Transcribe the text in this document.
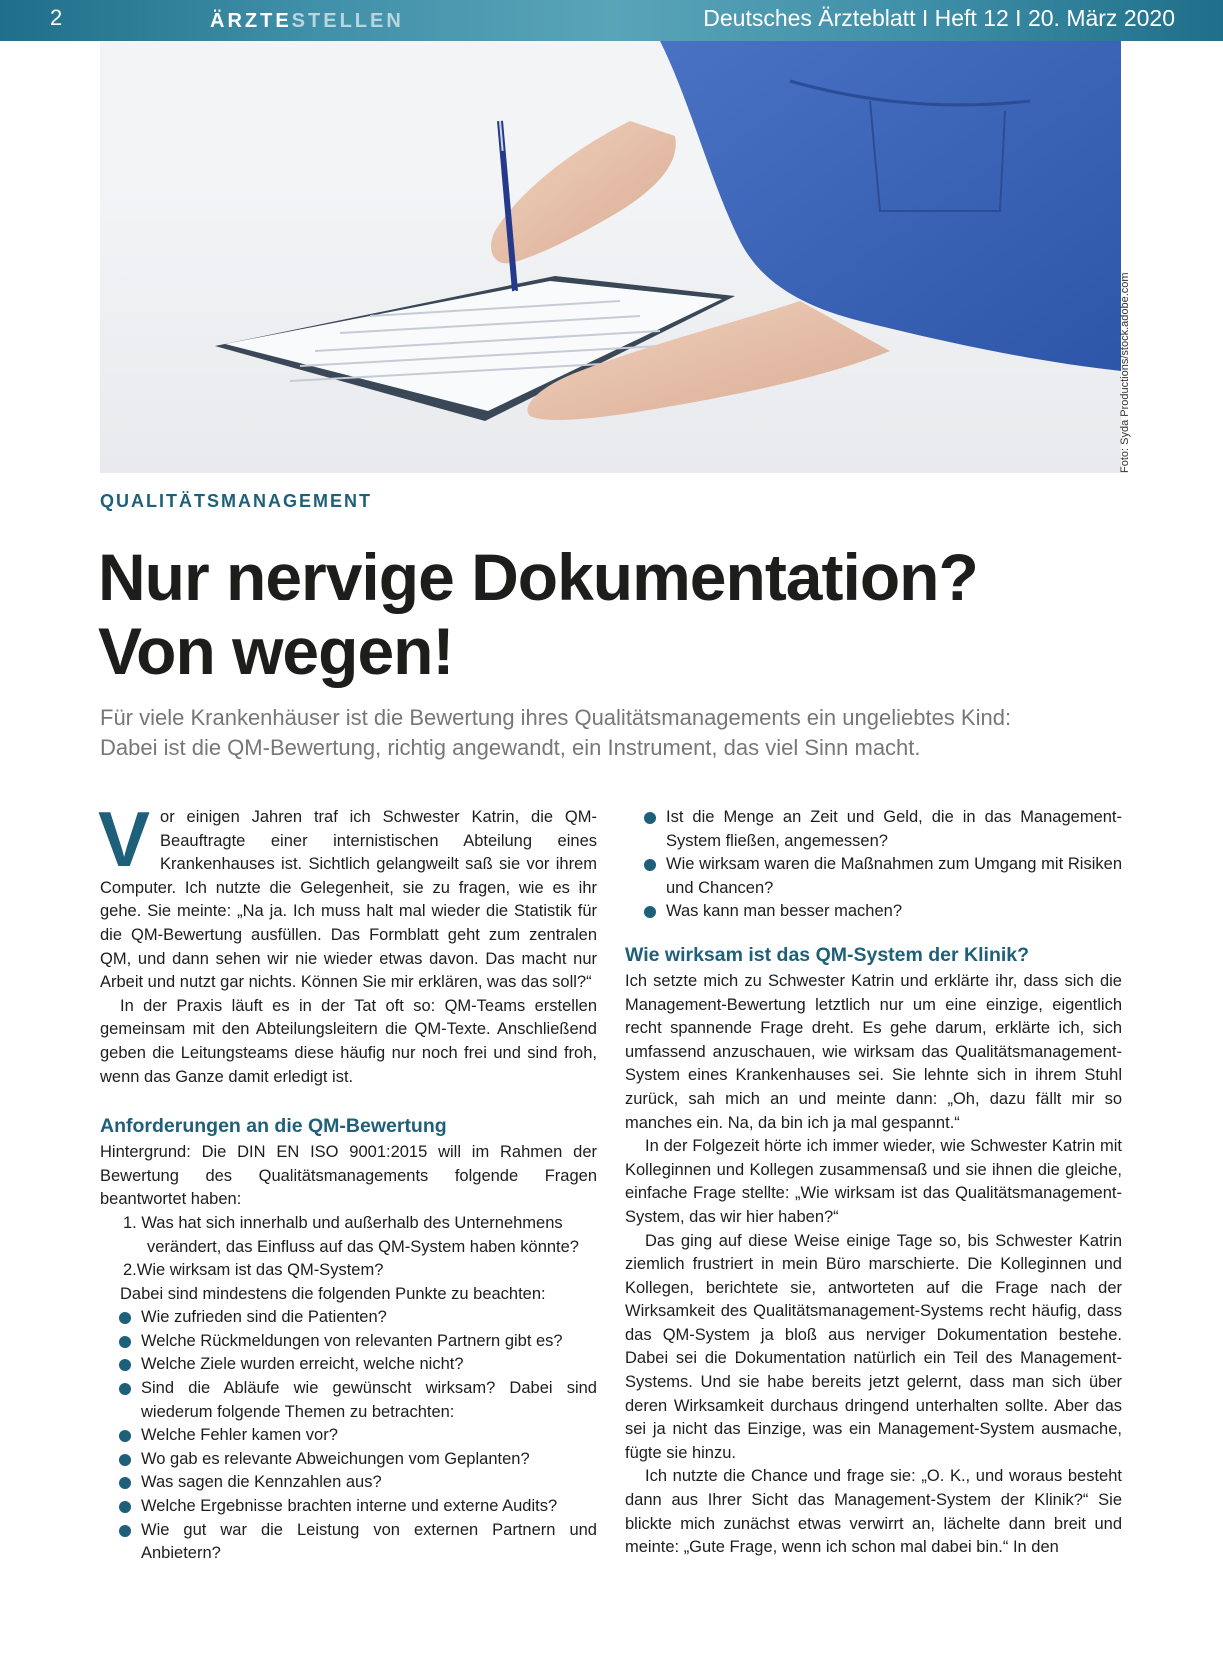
2	ÄRZTESTELLEN	Deutsches Ärzteblatt I Heft 12 I 20. März 2020
Foto: Syda Productions/stock.adobe.com
QUALITÄTSMANAGEMENT
Nur nervige Dokumentation?
Von wegen!
Für viele Krankenhäuser ist die Bewertung ihres Qualitätsmanagements ein ungeliebtes Kind:
Dabei ist die QM-Bewertung, richtig angewandt, ein Instrument, das viel Sinn macht.

Vor einigen Jahren traf ich Schwester Katrin, die QM-Beauftragte einer internistischen Abteilung eines Krankenhauses ist. Sichtlich gelangweilt saß sie vor ihrem Computer. Ich nutzte die Gelegenheit, sie zu fragen, wie es ihr gehe. Sie meinte: „Na ja. Ich muss halt mal wieder die Statistik für die QM-Bewertung ausfüllen. Das Formblatt geht zum zentralen QM, und dann sehen wir nie wieder etwas davon. Das macht nur Arbeit und nutzt gar nichts. Können Sie mir erklären, was das soll?“

In der Praxis läuft es in der Tat oft so: QM-Teams erstellen gemeinsam mit den Abteilungsleitern die QM-Texte. Anschließend geben die Leitungsteams diese häufig nur noch frei und sind froh, wenn das Ganze damit erledigt ist.

Anforderungen an die QM-Bewertung

Hintergrund: Die DIN EN ISO 9001:2015 will im Rahmen der Bewertung des Qualitätsmanagements folgende Fragen beantwortet haben:

1. Was hat sich innerhalb und außerhalb des Unternehmens verändert, das Einfluss auf das QM-System haben könnte?
2.Wie wirksam ist das QM-System?

Dabei sind mindestens die folgenden Punkte zu beachten:

Wie zufrieden sind die Patienten?
Welche Rückmeldungen von relevanten Partnern gibt es?
Welche Ziele wurden erreicht, welche nicht?
Sind die Abläufe wie gewünscht wirksam? Dabei sind wiederum folgende Themen zu betrachten:
Welche Fehler kamen vor?
Wo gab es relevante Abweichungen vom Geplanten?
Was sagen die Kennzahlen aus?
Welche Ergebnisse brachten interne und externe Audits?
Wie gut war die Leistung von externen Partnern und Anbietern?
Ist die Menge an Zeit und Geld, die in das Management-System fließen, angemessen?
Wie wirksam waren die Maßnahmen zum Umgang mit Risiken und Chancen?
Was kann man besser machen?
Wie wirksam ist das QM-System der Klinik?

Ich setzte mich zu Schwester Katrin und erklärte ihr, dass sich die Management-Bewertung letztlich nur um eine einzige, eigentlich recht spannende Frage dreht. Es gehe darum, erklärte ich, sich umfassend anzuschauen, wie wirksam das Qualitätsmanagement-System eines Krankenhauses sei. Sie lehnte sich in ihrem Stuhl zurück, sah mich an und meinte dann: „Oh, dazu fällt mir so manches ein. Na, da bin ich ja mal gespannt.“

In der Folgezeit hörte ich immer wieder, wie Schwester Katrin mit Kolleginnen und Kollegen zusammensaß und sie ihnen die gleiche, einfache Frage stellte: „Wie wirksam ist das Qualitätsmanagement-System, das wir hier haben?“

Das ging auf diese Weise einige Tage so, bis Schwester Katrin ziemlich frustriert in mein Büro marschierte. Die Kolleginnen und Kollegen, berichtete sie, antworteten auf die Frage nach der Wirksamkeit des Qualitätsmanagement-Systems recht häufig, dass das QM-System ja bloß aus nerviger Dokumentation bestehe. Dabei sei die Dokumentation natürlich ein Teil des Management-Systems. Und sie habe bereits jetzt gelernt, dass man sich über deren Wirksamkeit durchaus dringend unterhalten sollte. Aber das sei ja nicht das Einzige, was ein Management-System ausmache, fügte sie hinzu.

Ich nutzte die Chance und frage sie: „O. K., und woraus besteht dann aus Ihrer Sicht das Management-System der Klinik?“ Sie blickte mich zunächst etwas verwirrt an, lächelte dann breit und meinte: „Gute Frage, wenn ich schon mal dabei bin.“ In den
